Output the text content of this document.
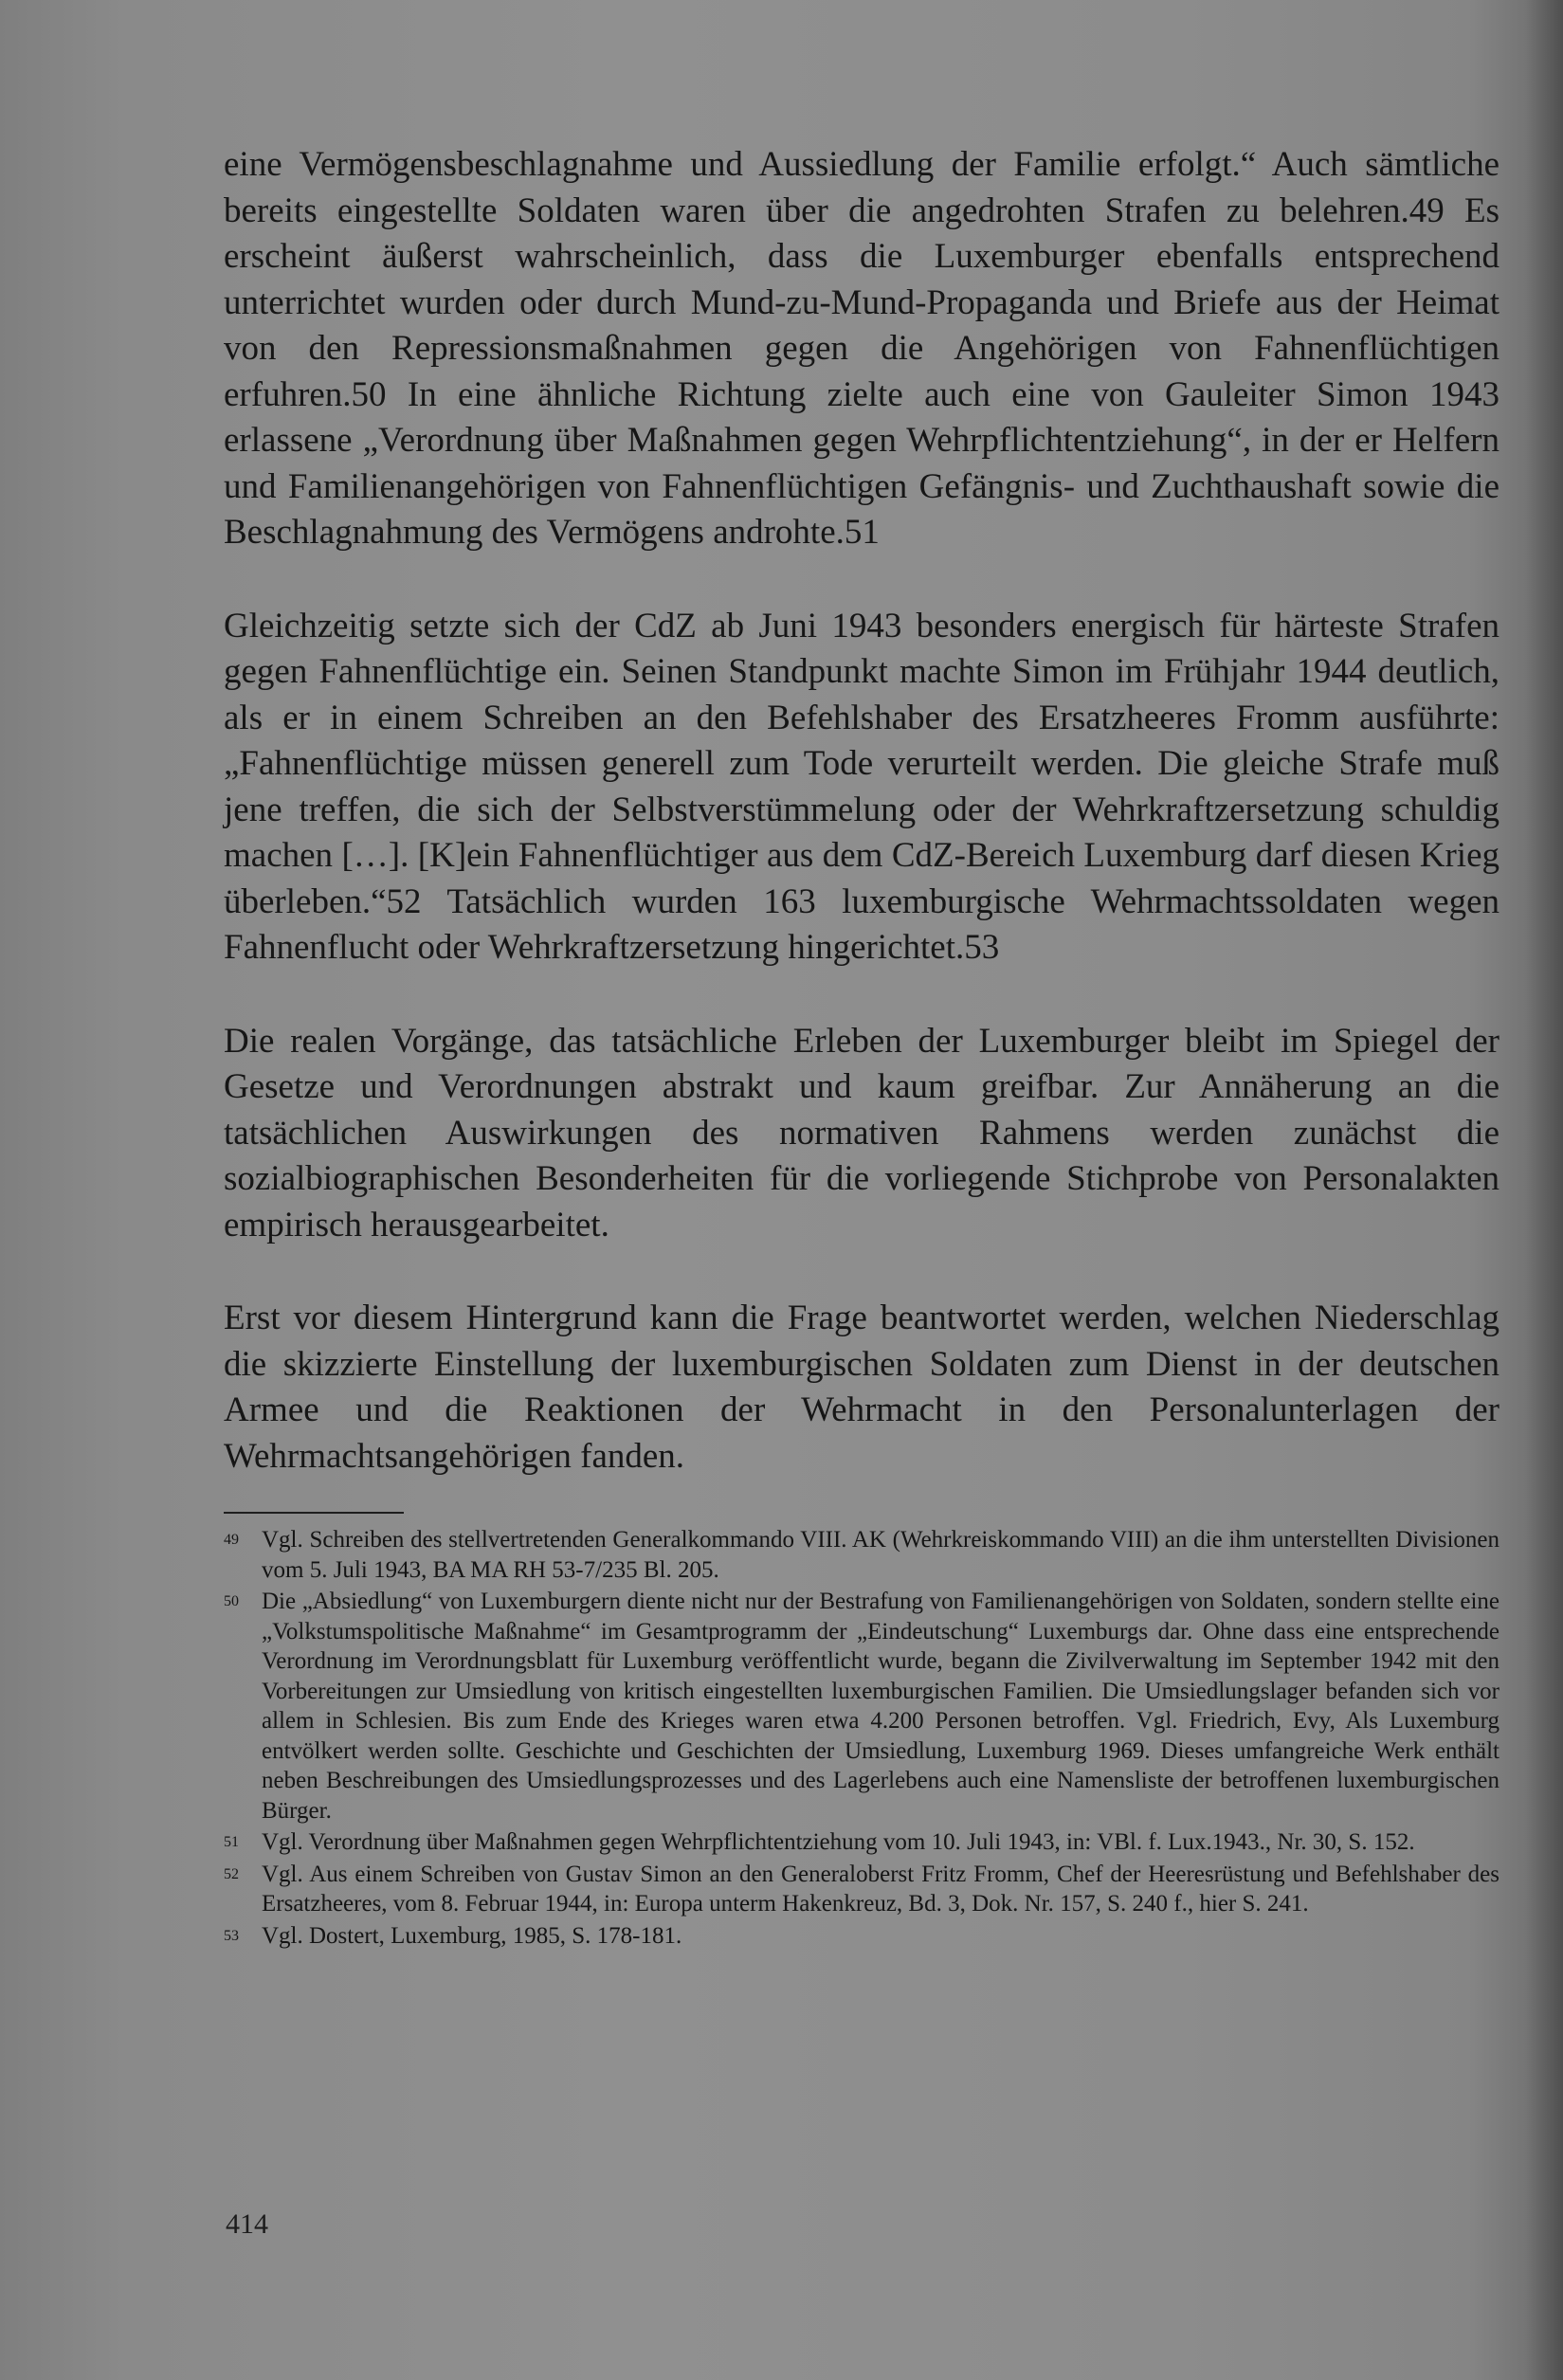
eine Vermögensbeschlagnahme und Aussiedlung der Familie erfolgt.“ Auch sämtliche bereits eingestellte Soldaten waren über die angedrohten Strafen zu belehren.49 Es erscheint äußerst wahrscheinlich, dass die Luxemburger ebenfalls entsprechend unterrichtet wurden oder durch Mund-zu-Mund-Propaganda und Briefe aus der Heimat von den Repressionsmaßnahmen gegen die Angehörigen von Fahnenflüchtigen erfuhren.50 In eine ähnliche Richtung zielte auch eine von Gauleiter Simon 1943 erlassene „Verordnung über Maßnahmen gegen Wehrpflichtentziehung“, in der er Helfern und Familienangehörigen von Fahnenflüchtigen Gefängnis- und Zuchthaushaft sowie die Beschlagnahmung des Vermögens androhte.51

Gleichzeitig setzte sich der CdZ ab Juni 1943 besonders energisch für härteste Strafen gegen Fahnenflüchtige ein. Seinen Standpunkt machte Simon im Frühjahr 1944 deutlich, als er in einem Schreiben an den Befehlshaber des Ersatzheeres Fromm ausführte: „Fahnenflüchtige müssen generell zum Tode verurteilt werden. Die gleiche Strafe muß jene treffen, die sich der Selbstverstümmelung oder der Wehrkraftzersetzung schuldig machen […]. [K]ein Fahnenflüchtiger aus dem CdZ-Bereich Luxemburg darf diesen Krieg überleben.“52 Tatsächlich wurden 163 luxemburgische Wehrmachtssoldaten wegen Fahnenflucht oder Wehrkraftzersetzung hingerichtet.53

Die realen Vorgänge, das tatsächliche Erleben der Luxemburger bleibt im Spiegel der Gesetze und Verordnungen abstrakt und kaum greifbar. Zur Annäherung an die tatsächlichen Auswirkungen des normativen Rahmens werden zunächst die sozialbiographischen Besonderheiten für die vorliegende Stichprobe von Personalakten empirisch herausgearbeitet.

Erst vor diesem Hintergrund kann die Frage beantwortet werden, welchen Niederschlag die skizzierte Einstellung der luxemburgischen Soldaten zum Dienst in der deutschen Armee und die Reaktionen der Wehrmacht in den Personalunterlagen der Wehrmachtsangehörigen fanden.

49 Vgl. Schreiben des stellvertretenden Generalkommando VIII. AK (Wehrkreiskommando VIII) an die ihm unterstellten Divisionen vom 5. Juli 1943, BA MA RH 53-7/235 Bl. 205.

50 Die „Absiedlung“ von Luxemburgern diente nicht nur der Bestrafung von Familienangehörigen von Soldaten, sondern stellte eine „Volkstumspolitische Maßnahme“ im Gesamtprogramm der „Eindeutschung“ Luxemburgs dar. Ohne dass eine entsprechende Verordnung im Verordnungsblatt für Luxemburg veröffentlicht wurde, begann die Zivilverwaltung im September 1942 mit den Vorbereitungen zur Umsiedlung von kritisch eingestellten luxemburgischen Familien. Die Umsiedlungslager befanden sich vor allem in Schlesien. Bis zum Ende des Krieges waren etwa 4.200 Personen betroffen. Vgl. Friedrich, Evy, Als Luxemburg entvölkert werden sollte. Geschichte und Geschichten der Umsiedlung, Luxemburg 1969. Dieses umfangreiche Werk enthält neben Beschreibungen des Umsiedlungsprozesses und des Lagerlebens auch eine Namensliste der betroffenen luxemburgischen Bürger.

51 Vgl. Verordnung über Maßnahmen gegen Wehrpflichtentziehung vom 10. Juli 1943, in: VBl. f. Lux.1943., Nr. 30, S. 152.

52 Vgl. Aus einem Schreiben von Gustav Simon an den Generaloberst Fritz Fromm, Chef der Heeresrüstung und Befehlshaber des Ersatzheeres, vom 8. Februar 1944, in: Europa unterm Hakenkreuz, Bd. 3, Dok. Nr. 157, S. 240 f., hier S. 241.

53 Vgl. Dostert, Luxemburg, 1985, S. 178-181.

414
